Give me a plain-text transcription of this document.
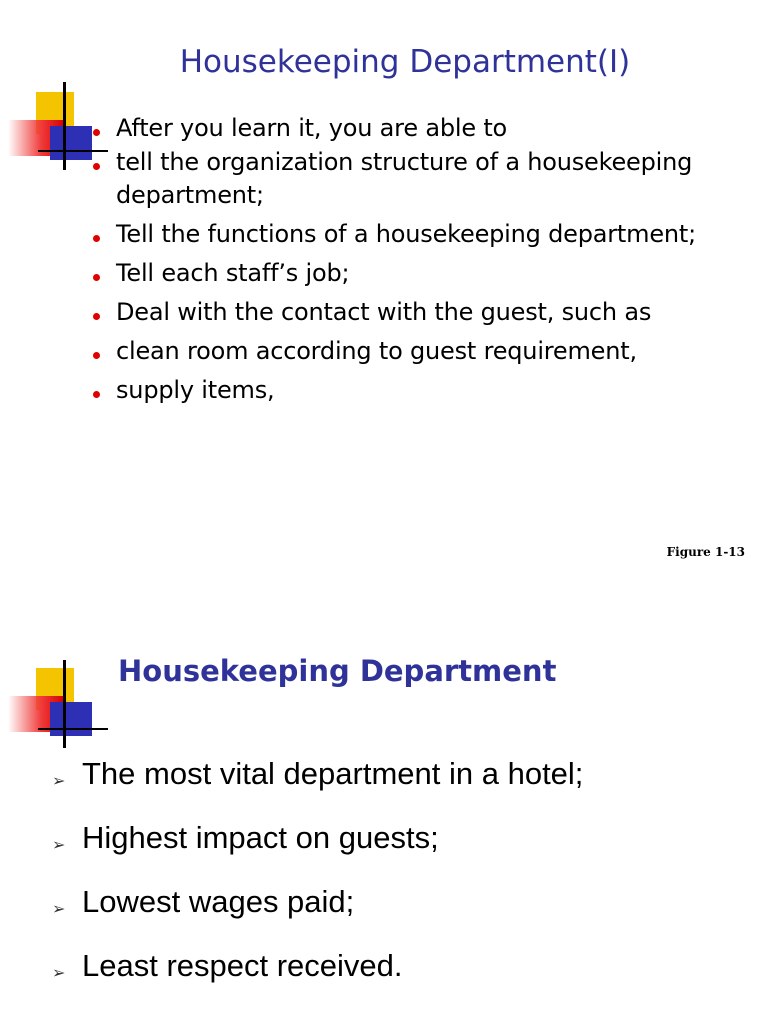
Housekeeping Department(I)
After you learn it, you are able to
tell the organization structure of a housekeeping department;
Tell the functions of a housekeeping department;
Tell each staff’s job;
Deal with the contact with the guest, such as
clean room according to guest requirement,
supply items,
Figure 1-13
Housekeeping Department
➢ The most vital department in a hotel;
➢ Highest impact on guests;
➢ Lowest wages paid;
➢ Least respect received.
